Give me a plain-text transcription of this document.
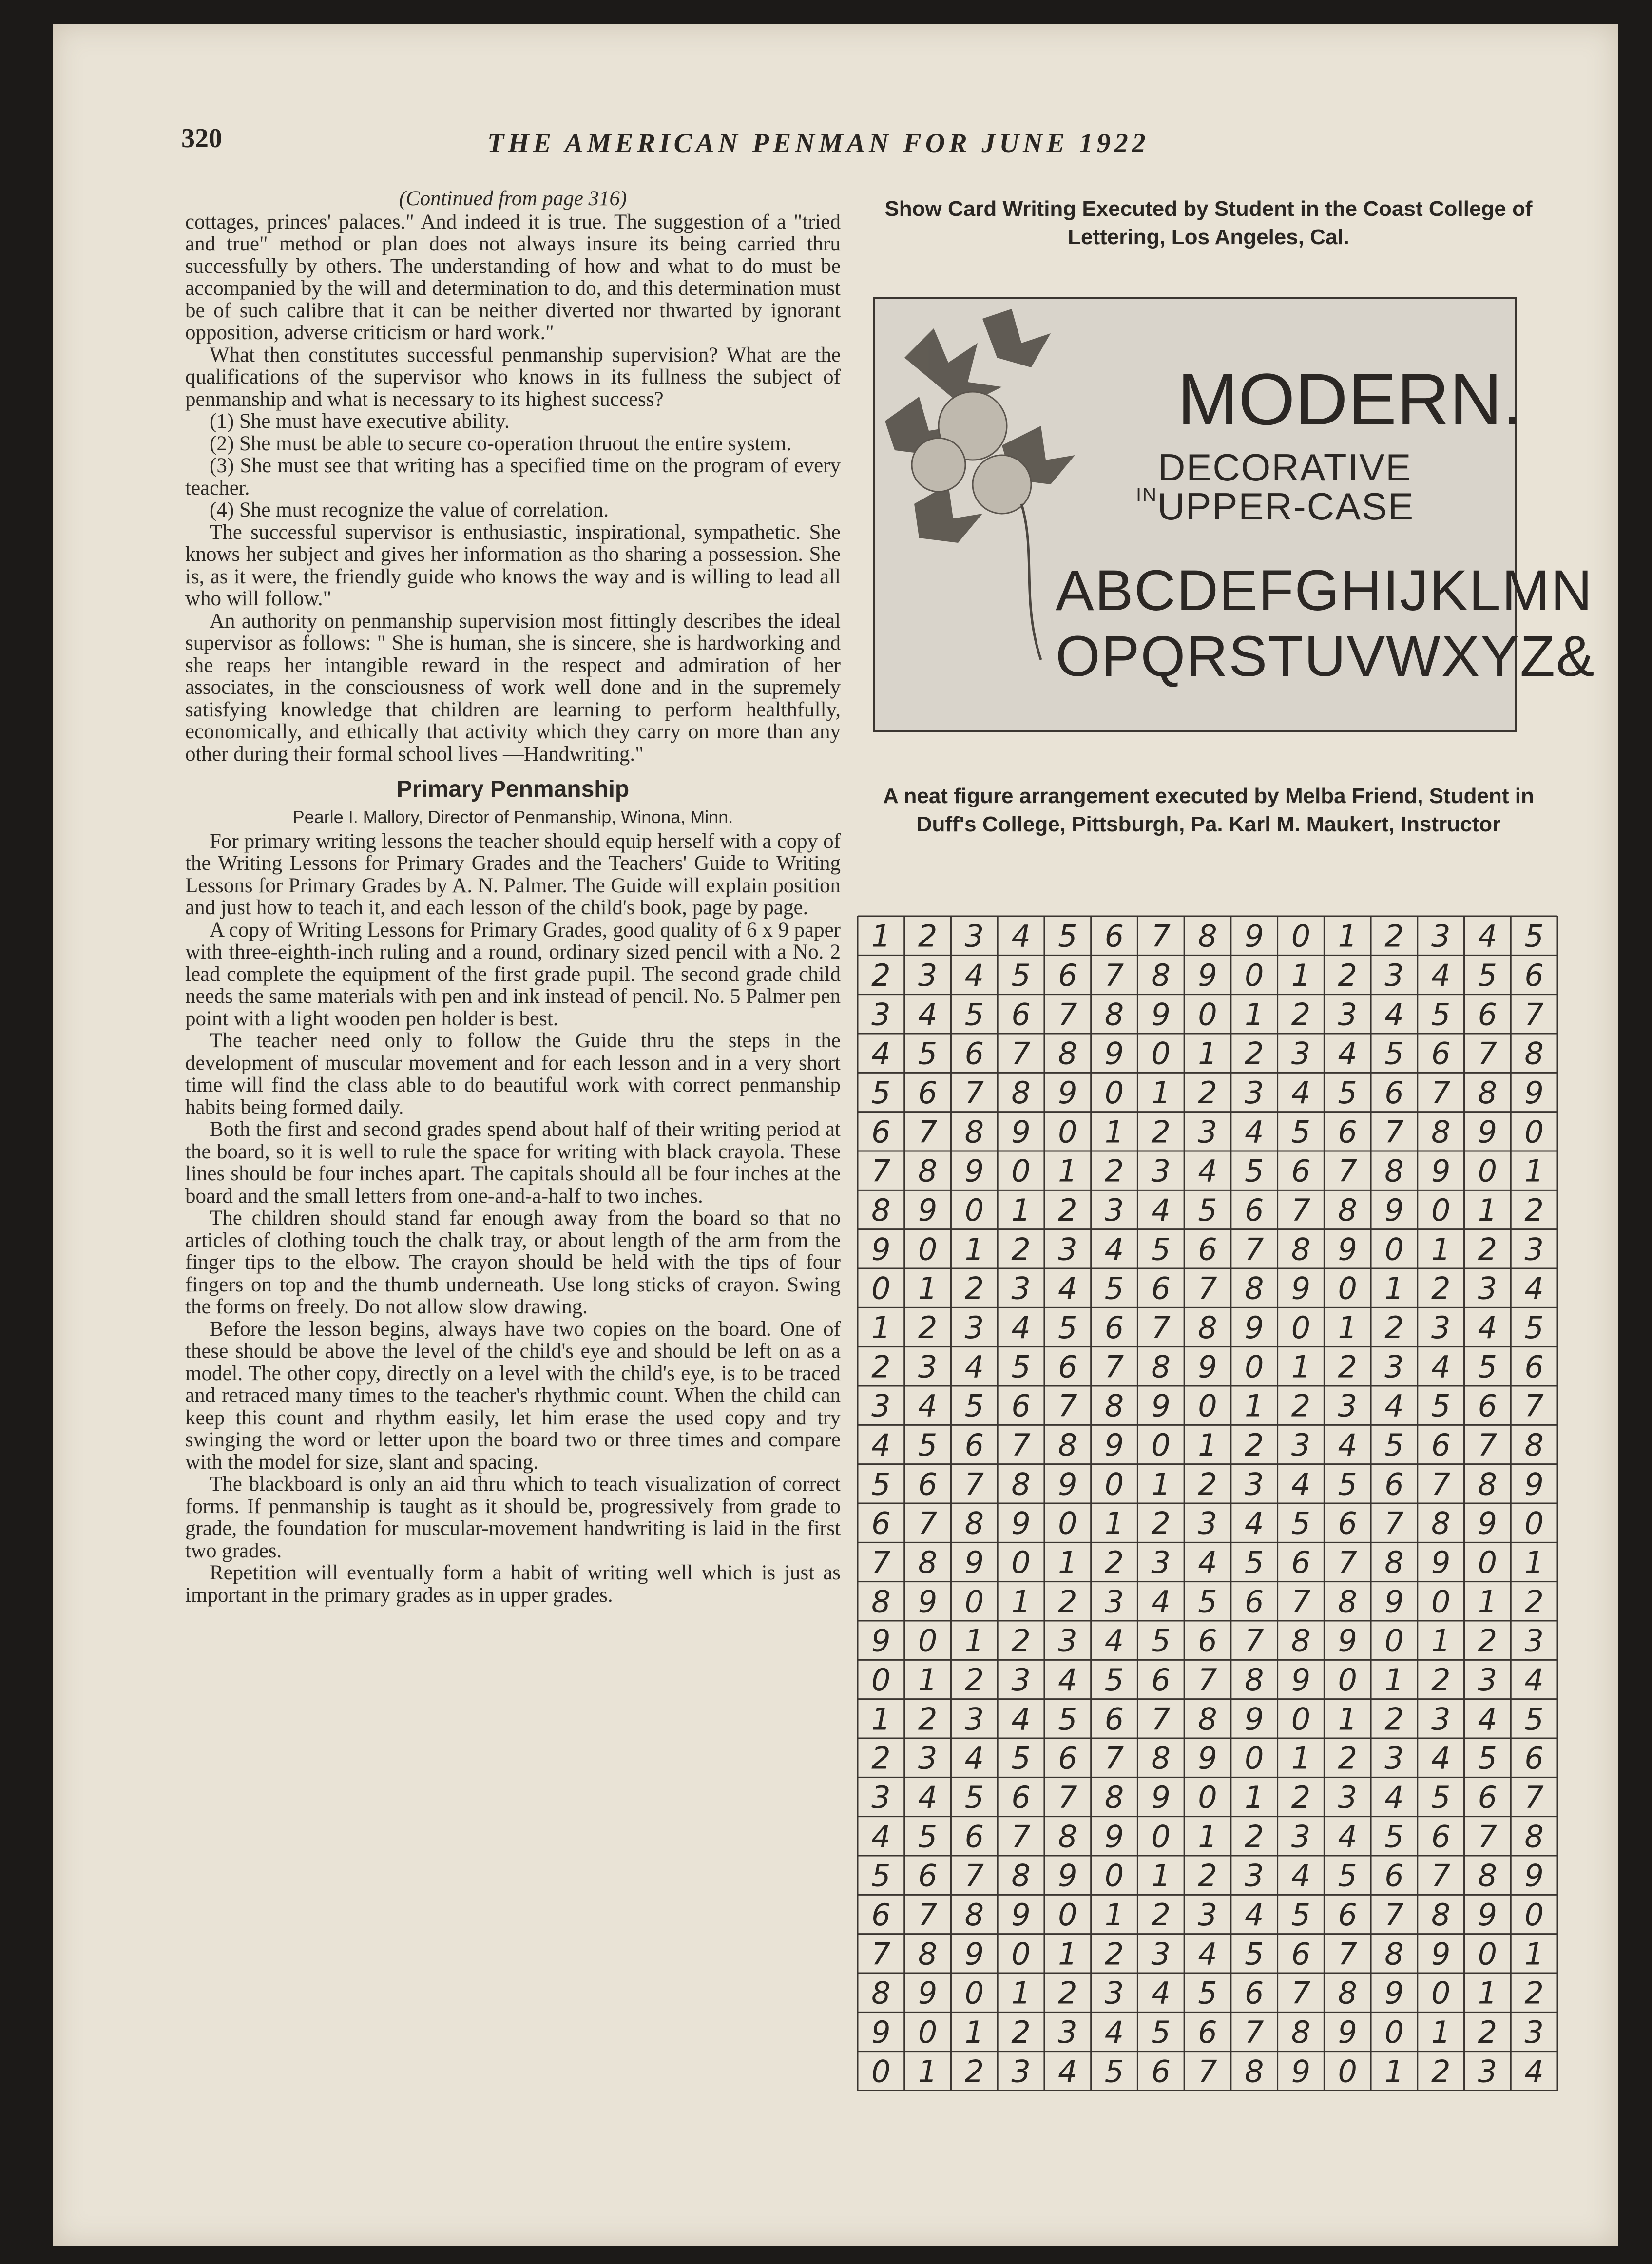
320	THE AMERICAN PENMAN FOR JUNE 1922

(Continued from page 316)

cottages, princes' palaces." And indeed it is true. The suggestion of a "tried and true" method or plan does not always insure its being carried thru successfully by others. The understanding of how and what to do must be accompanied by the will and determination to do, and this determination must be of such calibre that it can be neither diverted nor thwarted by ignorant opposition, adverse criticism or hard work."

What then constitutes successful penmanship supervision? What are the qualifications of the supervisor who knows in its fullness the subject of penmanship and what is necessary to its highest success?

(1) She must have executive ability.

(2) She must be able to secure co-operation thruout the entire system.

(3) She must see that writing has a specified time on the program of every teacher.

(4) She must recognize the value of correlation.

The successful supervisor is enthusiastic, inspirational, sympathetic. She knows her subject and gives her information as tho sharing a possession. She is, as it were, the friendly guide who knows the way and is willing to lead all who will follow."

An authority on penmanship supervision most fittingly describes the ideal supervisor as follows: " She is human, she is sincere, she is hardworking and she reaps her intangible reward in the respect and admiration of her associates, in the consciousness of work well done and in the supremely satisfying knowledge that children are learning to perform healthfully, economically, and ethically that activity which they carry on more than any other during their formal school lives —Handwriting."

Primary Penmanship

Pearle I. Mallory, Director of Penmanship, Winona, Minn.

For primary writing lessons the teacher should equip herself with a copy of the Writing Lessons for Primary Grades and the Teachers' Guide to Writing Lessons for Primary Grades by A. N. Palmer. The Guide will explain position and just how to teach it, and each lesson of the child's book, page by page.

A copy of Writing Lessons for Primary Grades, good quality of 6 x 9 paper with three-eighth-inch ruling and a round, ordinary sized pencil with a No. 2 lead complete the equipment of the first grade pupil. The second grade child needs the same materials with pen and ink instead of pencil. No. 5 Palmer pen point with a light wooden pen holder is best.

The teacher need only to follow the Guide thru the steps in the development of muscular movement and for each lesson and in a very short time will find the class able to do beautiful work with correct penmanship habits being formed daily.

Both the first and second grades spend about half of their writing period at the board, so it is well to rule the space for writing with black crayola. These lines should be four inches apart. The capitals should all be four inches at the board and the small letters from one-and-a-half to two inches.

The children should stand far enough away from the board so that no articles of clothing touch the chalk tray, or about length of the arm from the finger tips to the elbow. The crayon should be held with the tips of four fingers on top and the thumb underneath. Use long sticks of crayon. Swing the forms on freely. Do not allow slow drawing.

Before the lesson begins, always have two copies on the board. One of these should be above the level of the child's eye and should be left on as a model. The other copy, directly on a level with the child's eye, is to be traced and retraced many times to the teacher's rhythmic count. When the child can keep this count and rhythm easily, let him erase the used copy and try swinging the word or letter upon the board two or three times and compare with the model for size, slant and spacing.

The blackboard is only an aid thru which to teach visualization of correct forms. If penmanship is taught as it should be, progressively from grade to grade, the foundation for muscular-movement handwriting is laid in the first two grades.

Repetition will eventually form a habit of writing well which is just as important in the primary grades as in upper grades.

Show Card Writing Executed by Student in the Coast College of Lettering, Los Angeles, Cal.
MODERN.
DECORATIVE
$^{IN}$UPPER-CASE
ABCDEFGHIJKLMN
OPQRSTUVWXYZ&
A neat figure arrangement executed by Melba Friend, Student in Duff's College, Pittsburgh, Pa. Karl M. Maukert, Instructor
1 2 3 4 5 6 7 8 9 0 1 2 3 4 5
2 3 4 5 6 7 8 9 0 1 2 3 4 5 6
3 4 5 6 7 8 9 0 1 2 3 4 5 6 7
4 5 6 7 8 9 0 1 2 3 4 5 6 7 8
5 6 7 8 9 0 1 2 3 4 5 6 7 8 9
6 7 8 9 0 1 2 3 4 5 6 7 8 9 0
7 8 9 0 1 2 3 4 5 6 7 8 9 0 1
8 9 0 1 2 3 4 5 6 7 8 9 0 1 2
9 0 1 2 3 4 5 6 7 8 9 0 1 2 3
0 1 2 3 4 5 6 7 8 9 0 1 2 3 4
1 2 3 4 5 6 7 8 9 0 1 2 3 4 5
2 3 4 5 6 7 8 9 0 1 2 3 4 5 6
3 4 5 6 7 8 9 0 1 2 3 4 5 6 7
4 5 6 7 8 9 0 1 2 3 4 5 6 7 8
5 6 7 8 9 0 1 2 3 4 5 6 7 8 9
6 7 8 9 0 1 2 3 4 5 6 7 8 9 0
7 8 9 0 1 2 3 4 5 6 7 8 9 0 1
8 9 0 1 2 3 4 5 6 7 8 9 0 1 2
9 0 1 2 3 4 5 6 7 8 9 0 1 2 3
0 1 2 3 4 5 6 7 8 9 0 1 2 3 4
1 2 3 4 5 6 7 8 9 0 1 2 3 4 5
2 3 4 5 6 7 8 9 0 1 2 3 4 5 6
3 4 5 6 7 8 9 0 1 2 3 4 5 6 7
4 5 6 7 8 9 0 1 2 3 4 5 6 7 8
5 6 7 8 9 0 1 2 3 4 5 6 7 8 9
6 7 8 9 0 1 2 3 4 5 6 7 8 9 0
7 8 9 0 1 2 3 4 5 6 7 8 9 0 1
8 9 0 1 2 3 4 5 6 7 8 9 0 1 2
9 0 1 2 3 4 5 6 7 8 9 0 1 2 3
0 1 2 3 4 5 6 7 8 9 0 1 2 3 4
